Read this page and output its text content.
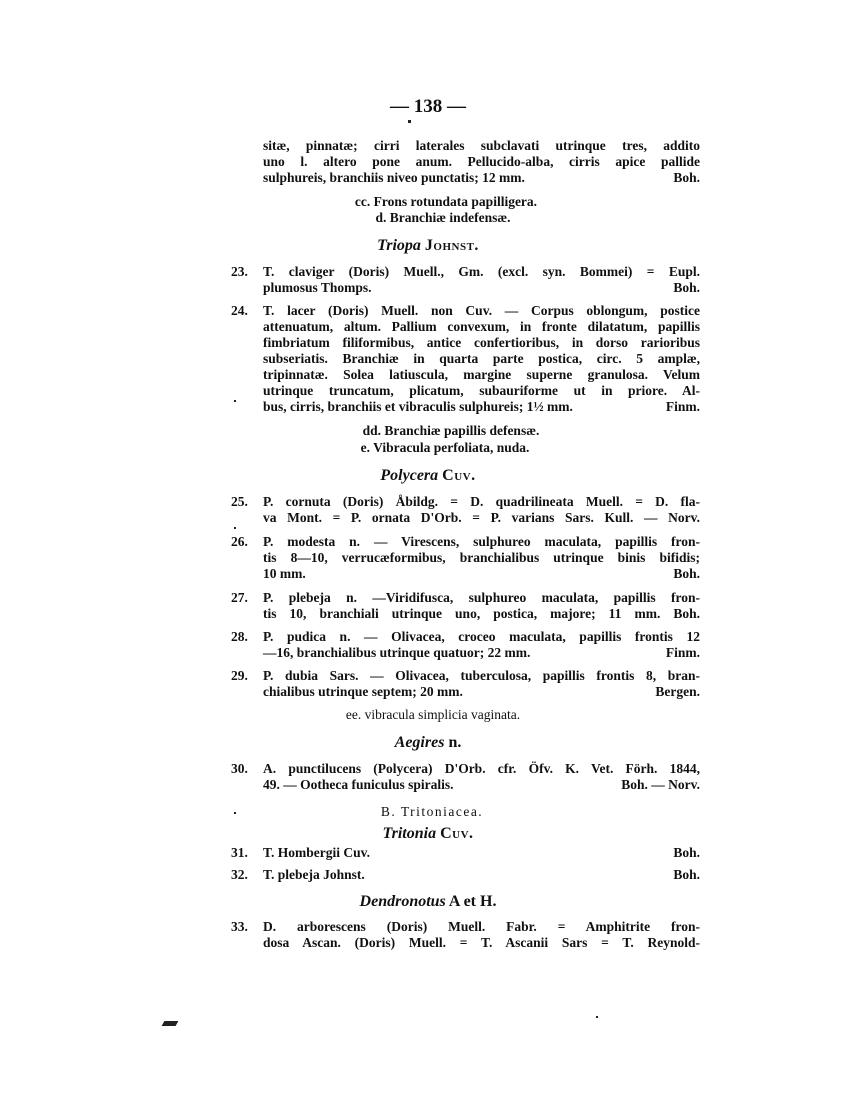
— 138 —
sitæ, pinnatæ; cirri laterales subclavati utrinque tres, addito
uno l. altero pone anum. Pellucido-alba, cirris apice pallide
sulphureis, branchiis niveo punctatis; 12 mm.	Boh.
cc. Frons rotundata papilligera.
d. Branchiæ indefensæ.
Triopa Johnst.
23. T. claviger (Doris) Muell., Gm. (excl. syn. Bommei) = Eupl.
plumosus Thomps.	Boh.
24. T. lacer (Doris) Muell. non Cuv. — Corpus oblongum, postice
attenuatum, altum. Pallium convexum, in fronte dilatatum, papillis
fimbriatum filiformibus, antice confertioribus, in dorso rarioribus
subseriatis. Branchiæ in quarta parte postica, circ. 5 amplæ,
tripinnatæ. Solea latiuscula, margine superne granulosa. Velum
utrinque truncatum, plicatum, subauriforme ut in priore. Al-
bus, cirris, branchiis et vibraculis sulphureis; 1½ mm.	Finm.
dd. Branchiæ papillis defensæ.
e. Vibracula perfoliata, nuda.
Polycera Cuv.
25. P. cornuta (Doris) Åbildg. = D. quadrilineata Muell. = D. fla-
va Mont. = P. ornata D'Orb. = P. varians Sars. Kull. — Norv.
26. P. modesta n. — Virescens, sulphureo maculata, papillis fron-
tis 8—10, verrucæformibus, branchialibus utrinque binis bifidis;
10 mm.	Boh.
27. P. plebeja n. —Viridifusca, sulphureo maculata, papillis fron-
tis 10, branchiali utrinque uno, postica, majore; 11 mm. Boh.
28. P. pudica n. — Olivacea, croceo maculata, papillis frontis 12
—16, branchialibus utrinque quatuor; 22 mm.	Finm.
29. P. dubia Sars. — Olivacea, tuberculosa, papillis frontis 8, bran-
chialibus utrinque septem; 20 mm.	Bergen.
ee. vibracula simplicia vaginata.
Aegires n.
30. A. punctilucens (Polycera) D'Orb. cfr. Öfv. K. Vet. Förh. 1844,
49. — Ootheca funiculus spiralis.	Boh. — Norv.
B. Tritoniacea.
Tritonia Cuv.
31. T. Hombergii Cuv.	Boh.
32. T. plebeja Johnst.	Boh.
Dendronotus A et H.
33. D. arborescens (Doris) Muell. Fabr. = Amphitrite fron-
dosa Ascan. (Doris) Muell. = T. Ascanii Sars = T. Reynold-
